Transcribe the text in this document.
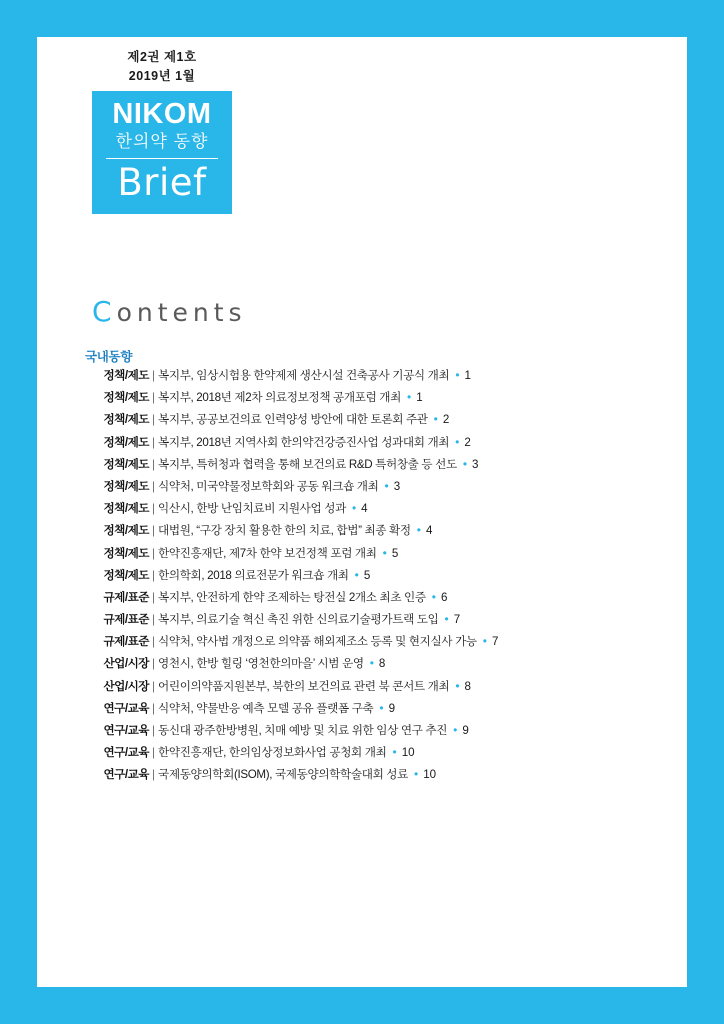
제2권 제1호
2019년 1월
NIKOM
한의약 동향
Brief
Contents
국내동향
정책/제도 | 복지부, 임상시험용 한약제제 생산시설 건축공사 기공식 개최 • 1
정책/제도 | 복지부, 2018년 제2차 의료정보정책 공개포럼 개최 • 1
정책/제도 | 복지부, 공공보건의료 인력양성 방안에 대한 토론회 주관 • 2
정책/제도 | 복지부, 2018년 지역사회 한의약건강증진사업 성과대회 개최 • 2
정책/제도 | 복지부, 특허청과 협력을 통해 보건의료 R&D 특허창출 등 선도 • 3
정책/제도 | 식약처, 미국약물정보학회와 공동 워크숍 개최 • 3
정책/제도 | 익산시, 한방 난임치료비 지원사업 성과 • 4
정책/제도 | 대법원, “구강 장치 활용한 한의 치료, 합법” 최종 확정 • 4
정책/제도 | 한약진흥재단, 제7차 한약 보건정책 포럼 개최 • 5
정책/제도 | 한의학회, 2018 의료전문가 워크숍 개최 • 5
규제/표준 | 복지부, 안전하게 한약 조제하는 탕전실 2개소 최초 인증 • 6
규제/표준 | 복지부, 의료기술 혁신 촉진 위한 신의료기술평가트랙 도입 • 7
규제/표준 | 식약처, 약사법 개정으로 의약품 해외제조소 등록 및 현지실사 가능 • 7
산업/시장 | 영천시, 한방 힐링 ‘영천한의마을’ 시범 운영 • 8
산업/시장 | 어린이의약품지원본부, 북한의 보건의료 관련 북 콘서트 개최 • 8
연구/교육 | 식약처, 약물반응 예측 모델 공유 플랫폼 구축 • 9
연구/교육 | 동신대 광주한방병원, 치매 예방 및 치료 위한 임상 연구 추진 • 9
연구/교육 | 한약진흥재단, 한의임상정보화사업 공청회 개최 • 10
연구/교육 | 국제동양의학회(ISOM), 국제동양의학학술대회 성료 • 10
